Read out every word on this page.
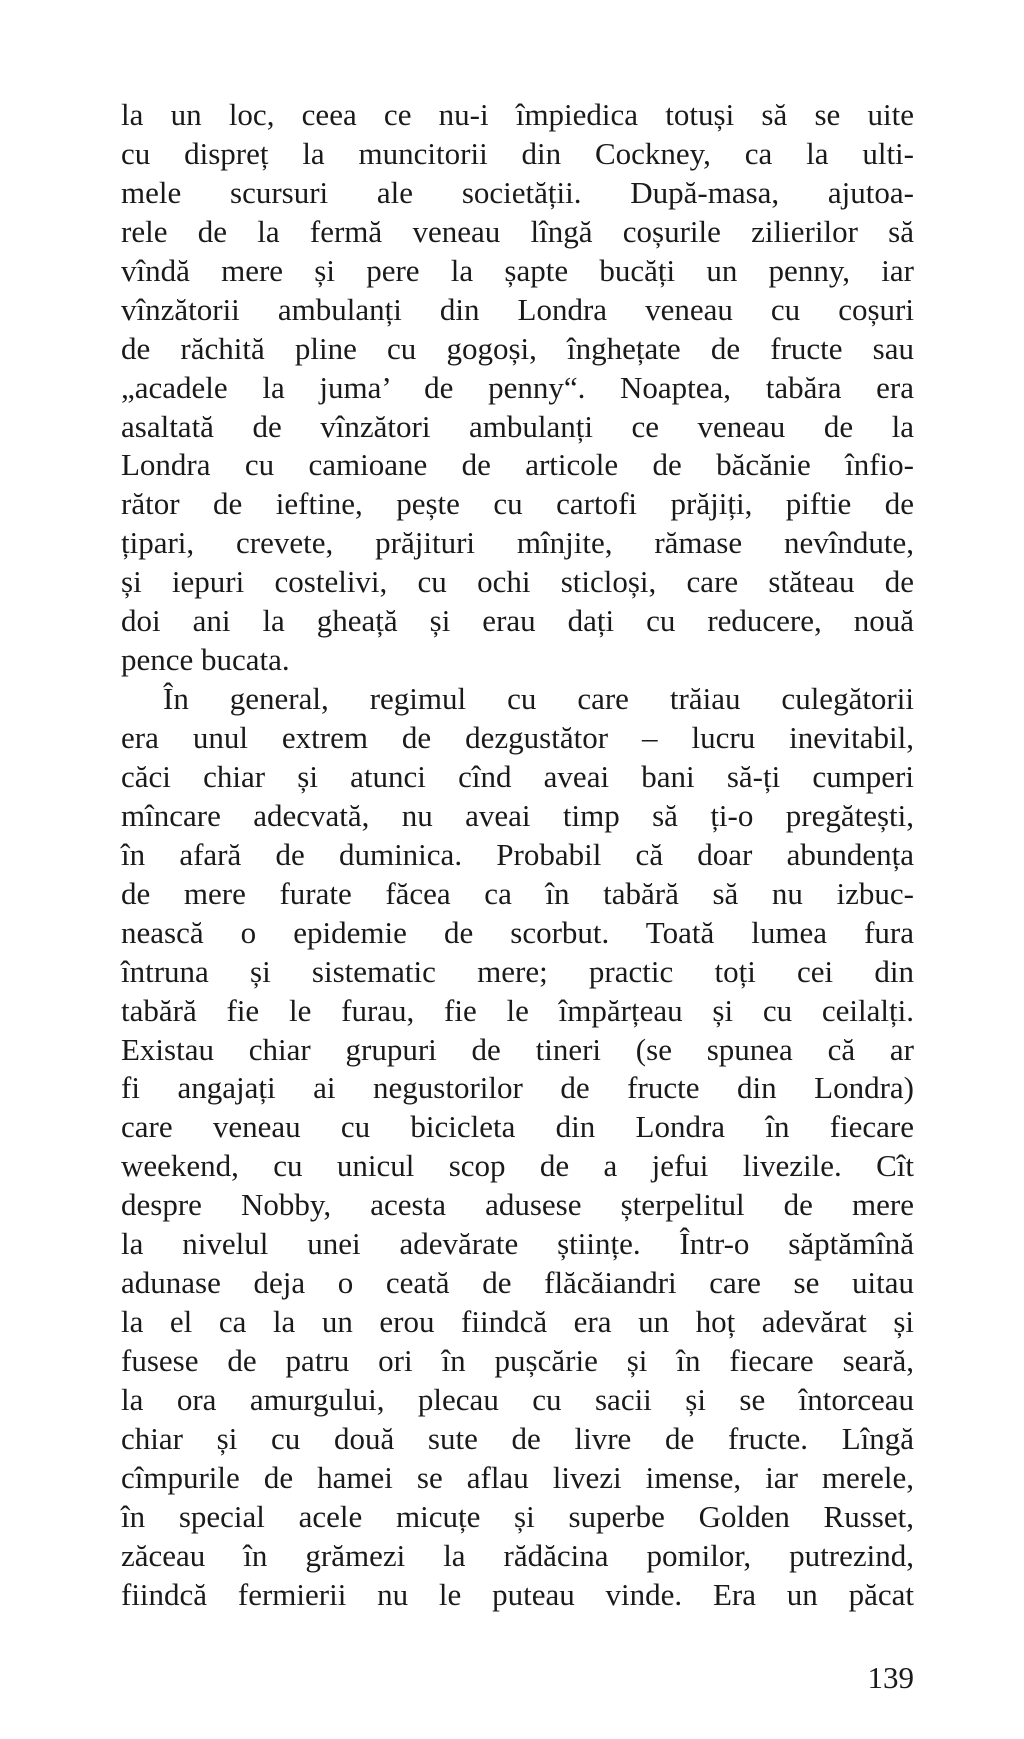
la un loc, ceea ce nu-i împiedica totuși să se uite
cu dispreț la muncitorii din Cockney, ca la ulti-
mele scursuri ale societății. După-masa, ajutoa-
rele de la fermă veneau lîngă coșurile zilierilor să
vîndă mere și pere la șapte bucăți un penny, iar
vînzătorii ambulanți din Londra veneau cu coșuri
de răchită pline cu gogoși, înghețate de fructe sau
„acadele la juma’ de penny“. Noaptea, tabăra era
asaltată de vînzători ambulanți ce veneau de la
Londra cu camioane de articole de băcănie înfio-
rător de ieftine, pește cu cartofi prăjiți, piftie de
țipari, crevete, prăjituri mînjite, rămase nevîndute,
și iepuri costelivi, cu ochi sticloși, care stăteau de
doi ani la gheață și erau dați cu reducere, nouă
pence bucata.
În general, regimul cu care trăiau culegătorii
era unul extrem de dezgustător – lucru inevitabil,
căci chiar și atunci cînd aveai bani să-ți cumperi
mîncare adecvată, nu aveai timp să ți-o pregătești,
în afară de duminica. Probabil că doar abundența
de mere furate făcea ca în tabără să nu izbuc-
nească o epidemie de scorbut. Toată lumea fura
întruna și sistematic mere; practic toți cei din
tabără fie le furau, fie le împărțeau și cu ceilalți.
Existau chiar grupuri de tineri (se spunea că ar
fi angajați ai negustorilor de fructe din Londra)
care veneau cu bicicleta din Londra în fiecare
weekend, cu unicul scop de a jefui livezile. Cît
despre Nobby, acesta adusese șterpelitul de mere
la nivelul unei adevărate științe. Într-o săptămînă
adunase deja o ceată de flăcăiandri care se uitau
la el ca la un erou fiindcă era un hoț adevărat și
fusese de patru ori în pușcărie și în fiecare seară,
la ora amurgului, plecau cu sacii și se întorceau
chiar și cu două sute de livre de fructe. Lîngă
cîmpurile de hamei se aflau livezi imense, iar merele,
în special acele micuțe și superbe Golden Russet,
zăceau în grămezi la rădăcina pomilor, putrezind,
fiindcă fermierii nu le puteau vinde. Era un păcat
139
